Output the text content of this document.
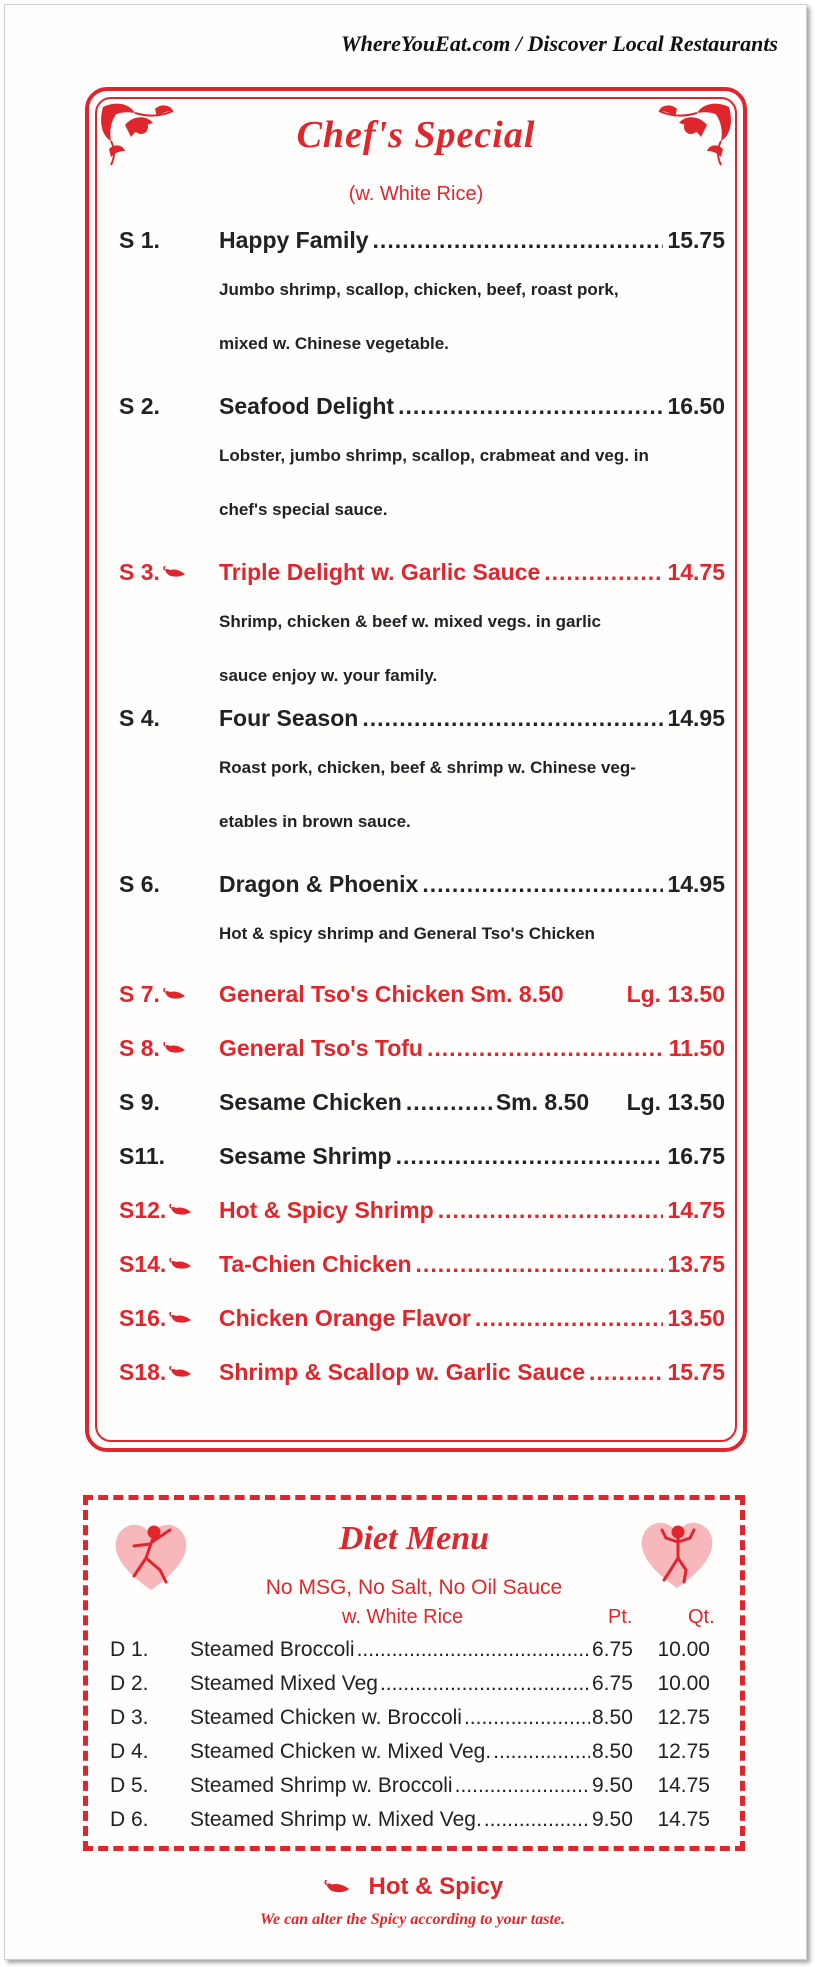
WhereYouEat.com / Discover Local Restaurants
Chef's Special
(w. White Rice)
S 1.	Happy Family .....	15.75
Jumbo shrimp, scallop, chicken, beef, roast pork,
mixed w. Chinese vegetable.
S 2.	Seafood Delight .....	16.50
Lobster, jumbo shrimp, scallop, crabmeat and veg. in
chef's special sauce.
S 3.	Triple Delight w. Garlic Sauce .....	14.75
Shrimp, chicken & beef w. mixed vegs. in garlic
sauce enjoy w. your family.
S 4.	Four Season .....	14.95
Roast pork, chicken, beef & shrimp w. Chinese veg-
etables in brown sauce.
S 6.	Dragon & Phoenix .....	14.95
Hot & spicy shrimp and General Tso's Chicken
S 7.	General Tso's Chicken Sm. 8.50	Lg. 13.50
S 8.	General Tso's Tofu .....	11.50
S 9.	Sesame Chicken .....	Sm. 8.50 Lg. 13.50
S11.	Sesame Shrimp .....	16.75
S12. Hot & Spicy Shrimp .....	14.75
S14. Ta-Chien Chicken .....	13.75
S16. Chicken Orange Flavor .....	13.50
S18. Shrimp & Scallop w. Garlic Sauce .....	15.75
Diet Menu
No MSG, No Salt, No Oil Sauce
w. White Rice	Pt.	Qt.
D 1.	Steamed Broccoli .....	6.75	10.00
D 2.	Steamed Mixed Veg .....	6.75	10.00
D 3.	Steamed Chicken w. Broccoli .....	8.50	12.75
D 4.	Steamed Chicken w. Mixed Veg. .....	8.50	12.75
D 5.	Steamed Shrimp w. Broccoli .....	9.50	14.75
D 6.	Steamed Shrimp w. Mixed Veg. .....	9.50	14.75
Hot & Spicy
We can alter the Spicy according to your taste.
